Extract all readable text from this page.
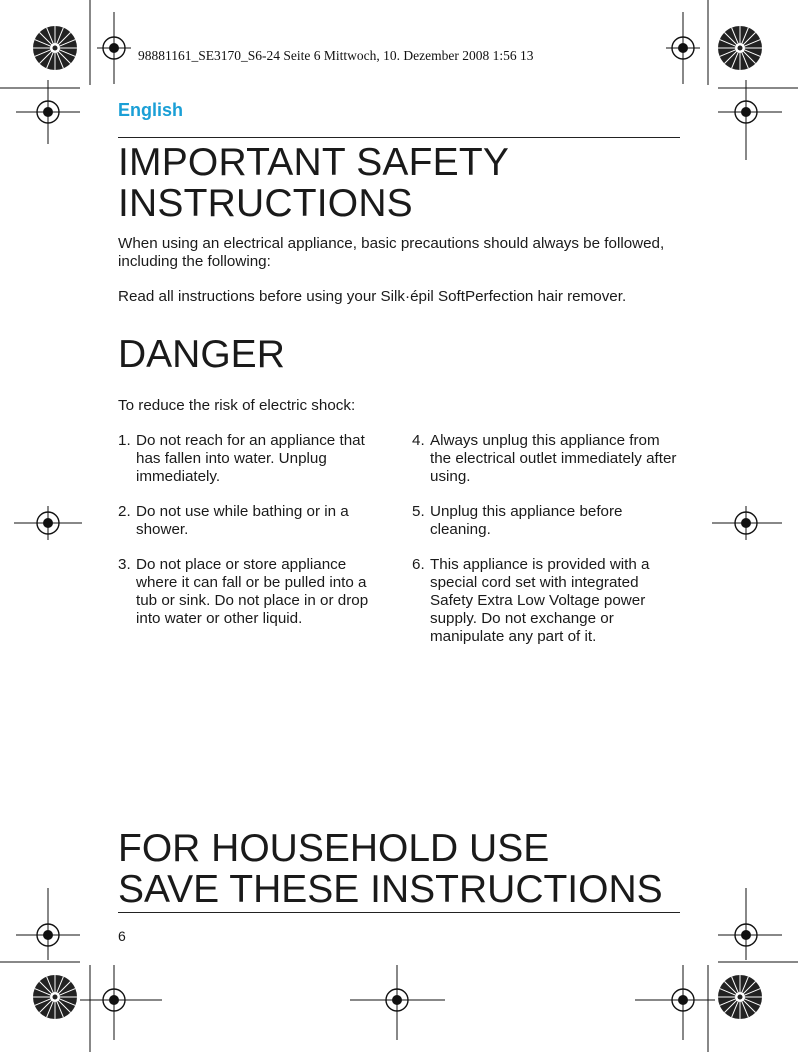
98881161_SE3170_S6-24 Seite 6 Mittwoch, 10. Dezember 2008 1:56 13
English
IMPORTANT SAFETY
INSTRUCTIONS

When using an electrical appliance, basic precautions should always be followed, including the following:

Read all instructions before using your Silk·épil SoftPerfection hair remover.

DANGER

To reduce the risk of electric shock:

1. Do not reach for an appliance that has fallen into water. Unplug immediately.
2. Do not use while bathing or in a shower.
3. Do not place or store appliance where it can fall or be pulled into a tub or sink. Do not place in or drop into water or other liquid.
4. Always unplug this appliance from the electrical outlet immediately after using.
5. Unplug this appliance before cleaning.
6. This appliance is provided with a special cord set with integrated Safety Extra Low Voltage power supply. Do not exchange or manipulate any part of it.
FOR HOUSEHOLD USE
SAVE THESE INSTRUCTIONS
6
